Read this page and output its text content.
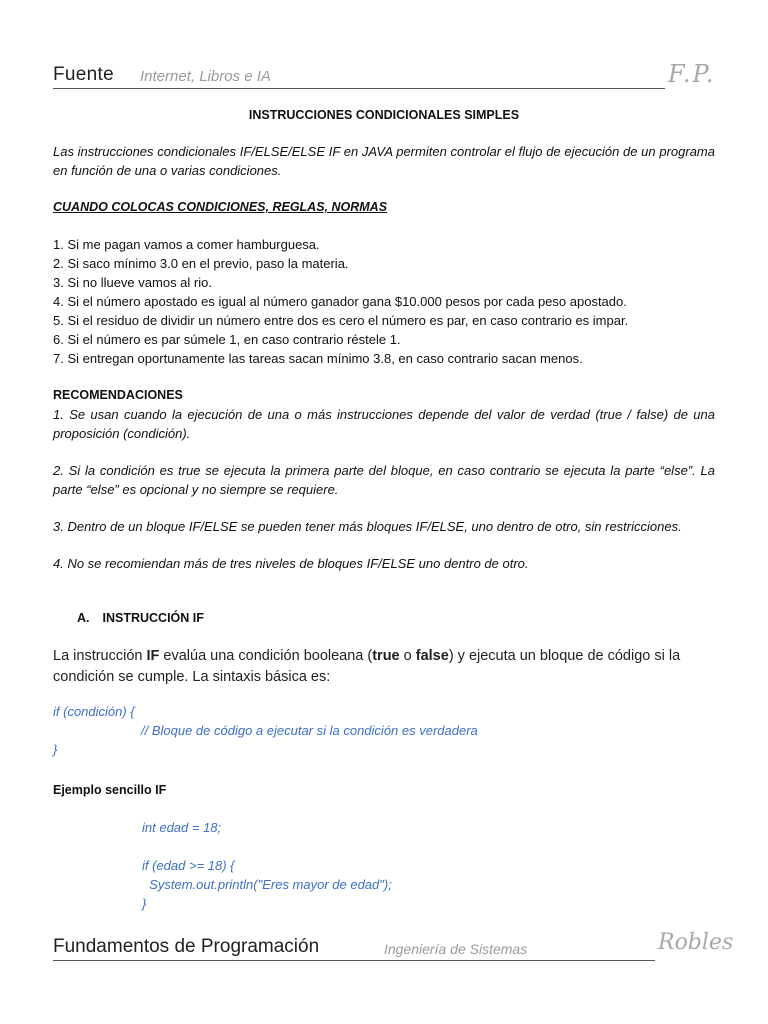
Fuente Internet, Libros e IA	F.P.
INSTRUCCIONES CONDICIONALES SIMPLES

Las instrucciones condicionales IF/ELSE/ELSE IF en JAVA permiten controlar el flujo de ejecución de un programa en función de una o varias condiciones.

CUANDO COLOCAS CONDICIONES, REGLAS, NORMAS
1. Si me pagan vamos a comer hamburguesa.
2. Si saco mínimo 3.0 en el previo, paso la materia.
3. Si no llueve vamos al rio.
4. Si el número apostado es igual al número ganador gana $10.000 pesos por cada peso apostado.
5. Si el residuo de dividir un número entre dos es cero el número es par, en caso contrario es impar.
6. Si el número es par súmele 1, en caso contrario réstele 1.
7. Si entregan oportunamente las tareas sacan mínimo 3.8, en caso contrario sacan menos.
RECOMENDACIONES

1. Se usan cuando la ejecución de una o más instrucciones depende del valor de verdad (true / false) de una proposición (condición).

2. Si la condición es true se ejecuta la primera parte del bloque, en caso contrario se ejecuta la parte “else”. La parte “else” es opcional y no siempre se requiere.

3. Dentro de un bloque IF/ELSE se pueden tener más bloques IF/ELSE, uno dentro de otro, sin restricciones.

4. No se recomiendan más de tres niveles de bloques IF/ELSE uno dentro de otro.

A. INSTRUCCIÓN IF

La instrucción IF evalúa una condición booleana (true o false) y ejecuta un bloque de código si la condición se cumple. La sintaxis básica es:

if (condición) {
// Bloque de código a ejecutar si la condición es verdadera
}
Ejemplo sencillo IF
int edad = 18;
if (edad >= 18) {
System.out.println("Eres mayor de edad");
}
Fundamentos de Programación	Ingeniería de Sistemas	Robles
